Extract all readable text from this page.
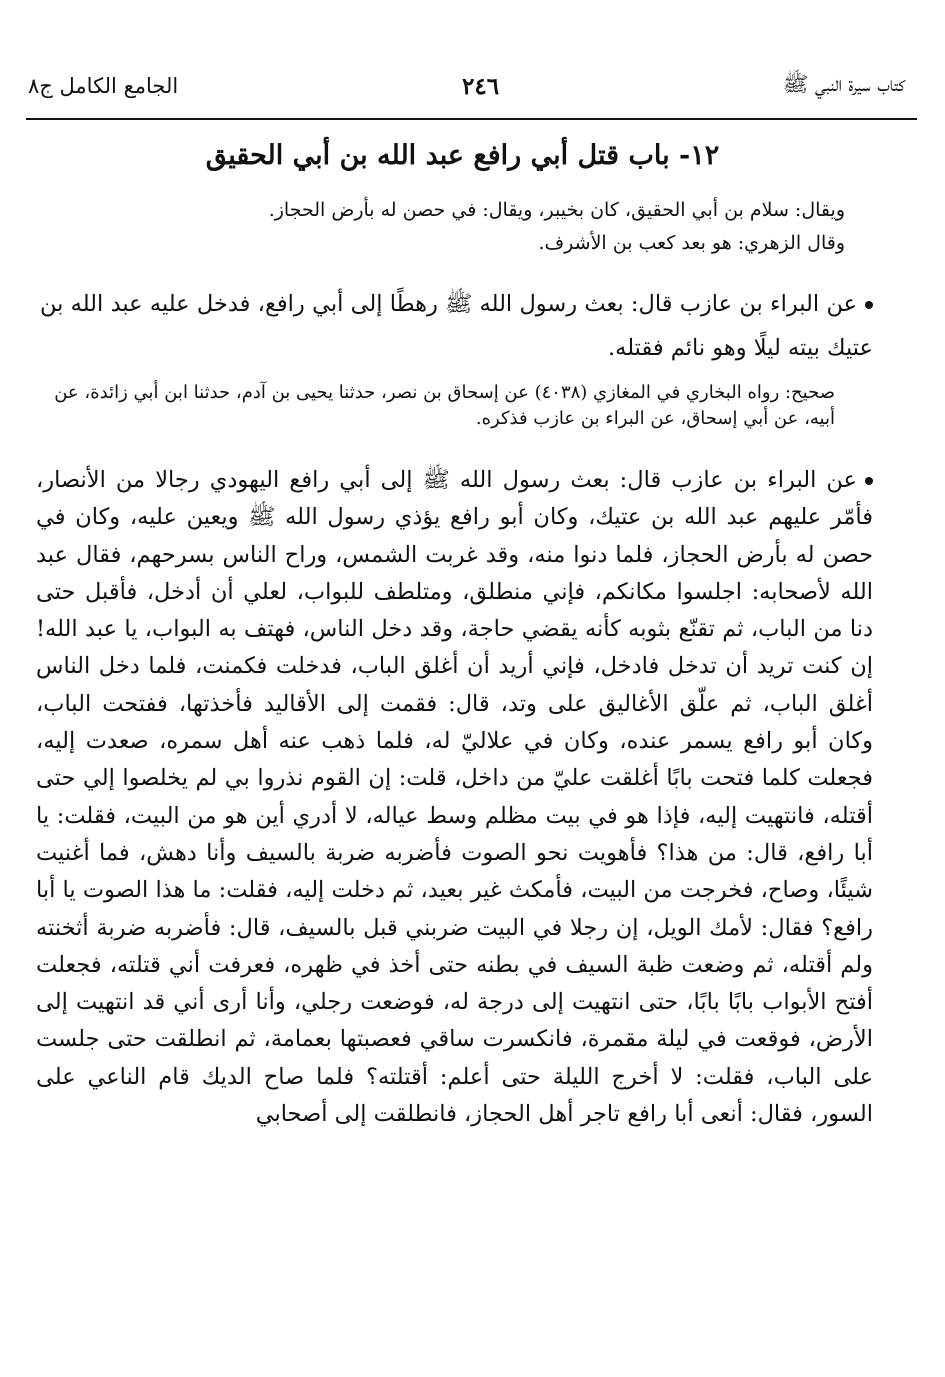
كتاب سيرة النبي ﷺ
٢٤٦
الجامع الكامل ج٨
١٢- باب قتل أبي رافع عبد الله بن أبي الحقيق

ويقال: سلام بن أبي الحقيق، كان بخيبر، ويقال: في حصن له بأرض الحجاز.

وقال الزهري: هو بعد كعب بن الأشرف.

عن البراء بن عازب قال: بعث رسول الله ﷺ رهطًا إلى أبي رافع، فدخل عليه عبد الله بن عتيك بيته ليلًا وهو نائم فقتله.

صحيح: رواه البخاري في المغازي (٤٠٣٨) عن إسحاق بن نصر، حدثنا يحيى بن آدم، حدثنا ابن أبي زائدة، عن أبيه، عن أبي إسحاق، عن البراء بن عازب فذكره.

عن البراء بن عازب قال: بعث رسول الله ﷺ إلى أبي رافع اليهودي رجالا من الأنصار، فأمّر عليهم عبد الله بن عتيك، وكان أبو رافع يؤذي رسول الله ﷺ ويعين عليه، وكان في حصن له بأرض الحجاز، فلما دنوا منه، وقد غربت الشمس، وراح الناس بسرحهم، فقال عبد الله لأصحابه: اجلسوا مكانكم، فإني منطلق، ومتلطف للبواب، لعلي أن أدخل، فأقبل حتى دنا من الباب، ثم تقنّع بثوبه كأنه يقضي حاجة، وقد دخل الناس، فهتف به البواب، يا عبد الله! إن كنت تريد أن تدخل فادخل، فإني أريد أن أغلق الباب، فدخلت فكمنت، فلما دخل الناس أغلق الباب، ثم علّق الأغاليق على وتد، قال: فقمت إلى الأقاليد فأخذتها، ففتحت الباب، وكان أبو رافع يسمر عنده، وكان في علاليّ له، فلما ذهب عنه أهل سمره، صعدت إليه، فجعلت كلما فتحت بابًا أغلقت عليّ من داخل، قلت: إن القوم نذروا بي لم يخلصوا إلي حتى أقتله، فانتهيت إليه، فإذا هو في بيت مظلم وسط عياله، لا أدري أين هو من البيت، فقلت: يا أبا رافع، قال: من هذا؟ فأهويت نحو الصوت فأضربه ضربة بالسيف وأنا دهش، فما أغنيت شيئًا، وصاح، فخرجت من البيت، فأمكث غير بعيد، ثم دخلت إليه، فقلت: ما هذا الصوت يا أبا رافع؟ فقال: لأمك الويل، إن رجلا في البيت ضربني قبل بالسيف، قال: فأضربه ضربة أثخنته ولم أقتله، ثم وضعت ظبة السيف في بطنه حتى أخذ في ظهره، فعرفت أني قتلته، فجعلت أفتح الأبواب بابًا بابًا، حتى انتهيت إلى درجة له، فوضعت رجلي، وأنا أرى أني قد انتهيت إلى الأرض، فوقعت في ليلة مقمرة، فانكسرت ساقي فعصبتها بعمامة، ثم انطلقت حتى جلست على الباب، فقلت: لا أخرج الليلة حتى أعلم: أقتلته؟ فلما صاح الديك قام الناعي على السور، فقال: أنعى أبا رافع تاجر أهل الحجاز، فانطلقت إلى أصحابي
